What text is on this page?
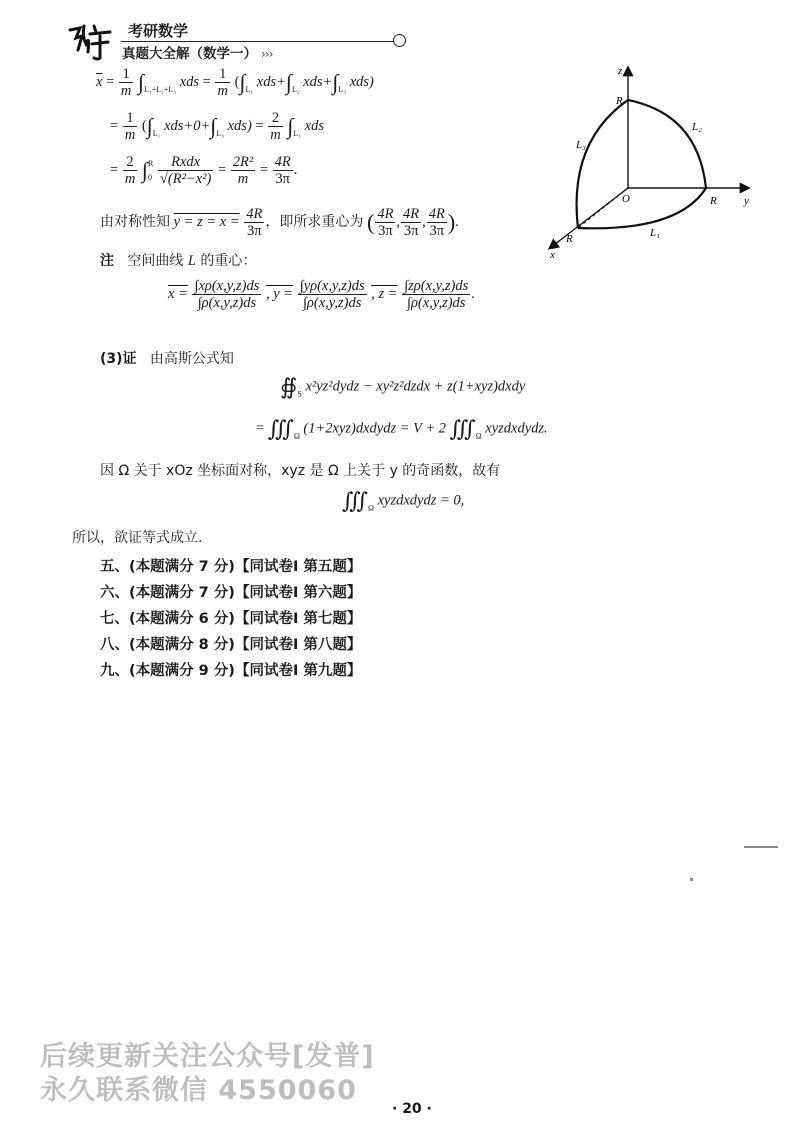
考研数学
真题大全解（数学一） ›››
$\overline{x} = \frac{1}{m} \int_{L_1+L_2+L_3}$ xds = $\frac{1}{m} (\int_{L_1}$ $xds+\int_{L_2}$ $xds+\int_{L_3}$ xds)
= $\frac{1}{m} (\int_{L_1}$ $xds+0+\int_{L_3}$ $xds) = \frac{2}{m} \int_{L_1}$ xds
= $\frac{2}{m}$ ∫ R
0
$\frac{\text{Rxdx}}{\text{√(R²−x²)}} = \frac{\text{2R²}}{m} = \frac{4R}{3\pi}$ .
由对称性知 $y = z = x = \frac{4R}{3\pi}$ ，即所求重心为 ( $\frac{4R}{3\pi}$ , $\frac{4R}{3\pi}$ , $\frac{4R}{3\pi}$ ).
注 空间曲线 L 的重心：
$x = \frac{\int x\rho(x,y,z)ds}{\int\rho(x,y,z)ds}$ , $y = \frac{\int y\rho(x,y,z)ds}{\int\rho(x,y,z)ds}$ , $z = \frac{\int z\rho(x,y,z)ds}{\int\rho(x,y,z)ds}$ .
(3)证 由高斯公式知
$∯_S$ x²yz²dydz − xy²z²dzdx + z(1+xyz)dxdy
= $∭_\Omega$ (1+2xyz)dxdydz = V + 2 $∭_\Omega$ xyzdxdydz.
因 Ω 关于 xOz 坐标面对称，xyz 是 Ω 上关于 y 的奇函数，故有
$∭_\Omega$ xyzdxdydz = 0,
所以，欲证等式成立.
五、(本题满分 7 分)【同试卷Ⅰ 第五题】
六、(本题满分 7 分)【同试卷Ⅰ 第六题】
七、(本题满分 6 分)【同试卷Ⅰ 第七题】
八、(本题满分 8 分)【同试卷Ⅰ 第八题】
九、(本题满分 9 分)【同试卷Ⅰ 第九题】
z
y
x
O
R
R
R	L₁
L₂
L₃
后续更新关注公众号[发普]
永久联系微信 4550060
· 20 ·
